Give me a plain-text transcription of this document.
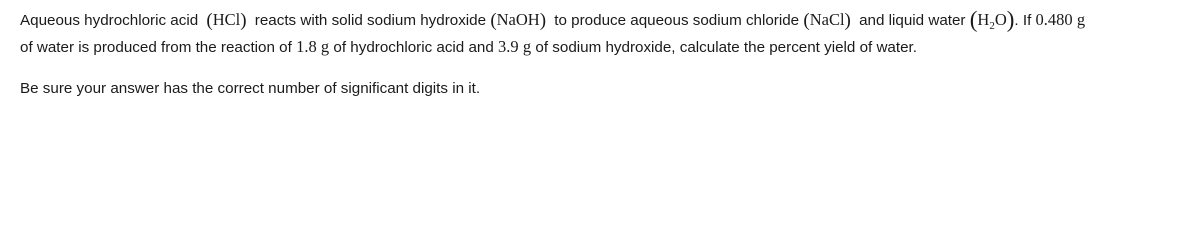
Aqueous hydrochloric acid (HCl) reacts with solid sodium hydroxide (NaOH) to produce aqueous sodium chloride (NaCl) and liquid water $(H_2O)$. If 0.480 g
of water is produced from the reaction of 1.8 g of hydrochloric acid and 3.9 g of sodium hydroxide, calculate the percent yield of water.
Be sure your answer has the correct number of significant digits in it.
